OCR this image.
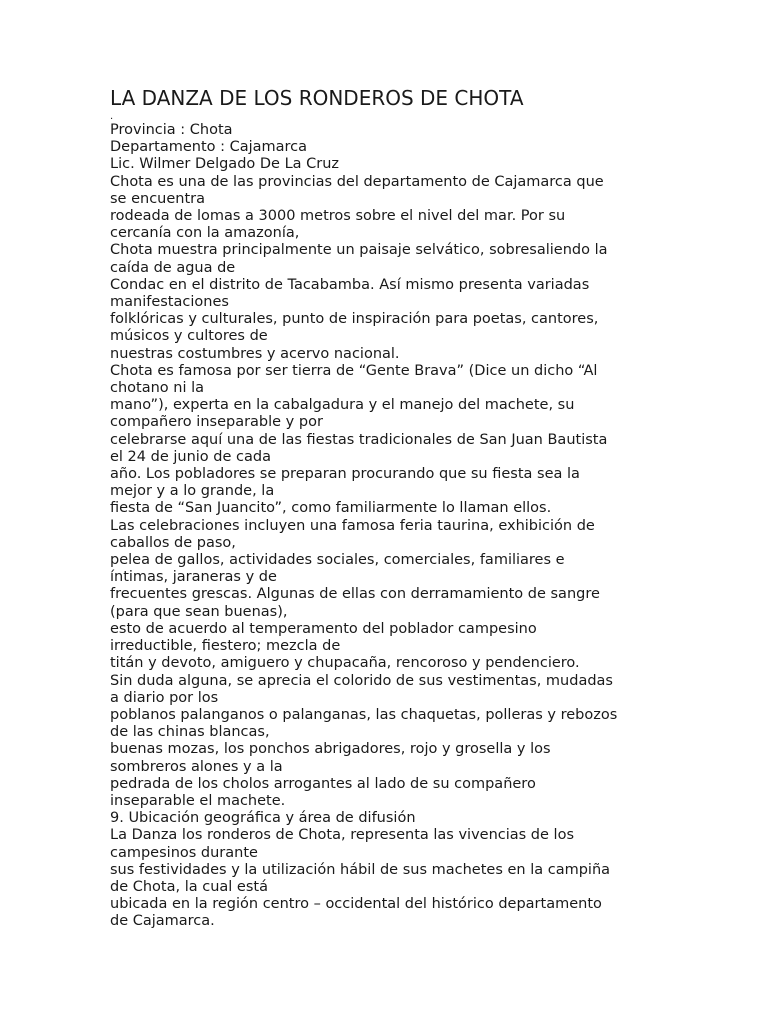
LA DANZA DE LOS RONDEROS DE CHOTA
.

Provincia : Chota

Departamento : Cajamarca

Lic. Wilmer Delgado De La Cruz

Chota es una de las provincias del departamento de Cajamarca que

se encuentra

rodeada de lomas a 3000 metros sobre el nivel del mar. Por su

cercanía con la amazonía,

Chota muestra principalmente un paisaje selvático, sobresaliendo la

caída de agua de

Condac en el distrito de Tacabamba. Así mismo presenta variadas

manifestaciones

folklóricas y culturales, punto de inspiración para poetas, cantores,

músicos y cultores de

nuestras costumbres y acervo nacional.

Chota es famosa por ser tierra de “Gente Brava” (Dice un dicho “Al

chotano ni la

mano”), experta en la cabalgadura y el manejo del machete, su

compañero inseparable y por

celebrarse aquí una de las fiestas tradicionales de San Juan Bautista

el 24 de junio de cada

año. Los pobladores se preparan procurando que su fiesta sea la

mejor y a lo grande, la

fiesta de “San Juancito”, como familiarmente lo llaman ellos.

Las celebraciones incluyen una famosa feria taurina, exhibición de

caballos de paso,

pelea de gallos, actividades sociales, comerciales, familiares e

íntimas, jaraneras y de

frecuentes grescas. Algunas de ellas con derramamiento de sangre

(para que sean buenas),

esto de acuerdo al temperamento del poblador campesino

irreductible, fiestero; mezcla de

titán y devoto, amiguero y chupacaña, rencoroso y pendenciero.

Sin duda alguna, se aprecia el colorido de sus vestimentas, mudadas

a diario por los

poblanos palanganos o palanganas, las chaquetas, polleras y rebozos

de las chinas blancas,

buenas mozas, los ponchos abrigadores, rojo y grosella y los

sombreros alones y a la

pedrada de los cholos arrogantes al lado de su compañero

inseparable el machete.

9. Ubicación geográfica y área de difusión

La Danza los ronderos de Chota, representa las vivencias de los

campesinos durante

sus festividades y la utilización hábil de sus machetes en la campiña

de Chota, la cual está

ubicada en la región centro – occidental del histórico departamento

de Cajamarca.
